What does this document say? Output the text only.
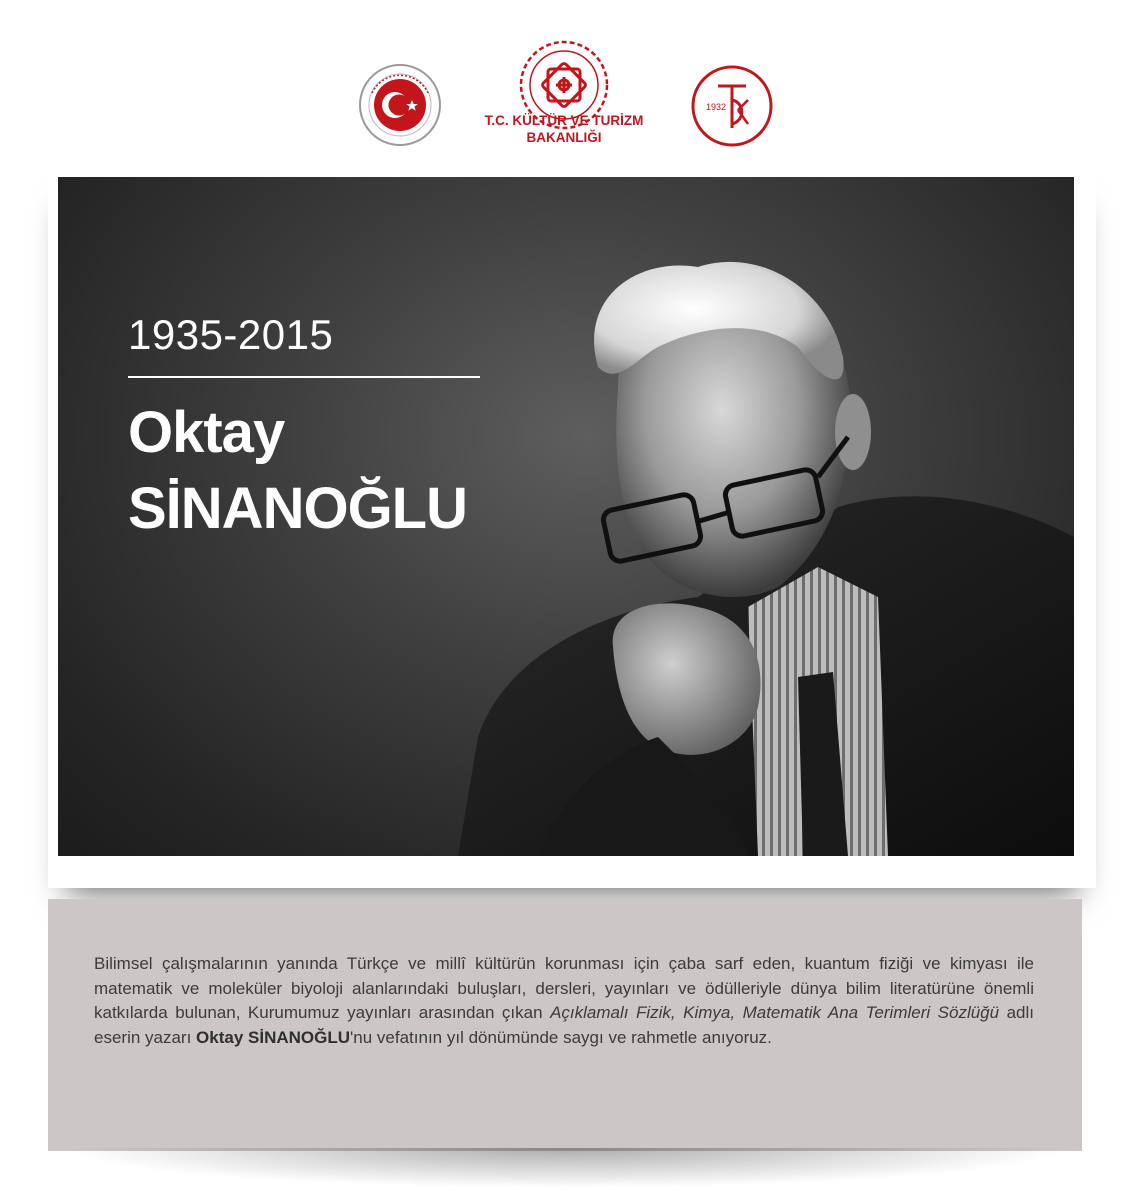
T.C. KÜLTÜR VE TURİZM
BAKANLIĞI
1932
1935-2015
Oktay
SİNANOĞLU

Bilimsel çalışmalarının yanında Türkçe ve millî kültürün korunması için çaba sarf eden, kuantum fiziği ve kimyası ile matematik ve moleküler biyoloji alanlarındaki buluşları, dersleri, yayınları ve ödülleriyle dünya bilim literatürüne önemli katkılarda bulunan, Kurumumuz yayınları arasından çıkan Açıklamalı Fizik, Kimya, Matematik Ana Terimleri Sözlüğü adlı eserin yazarı Oktay SİNANOĞLU'nu vefatının yıl dönümünde saygı ve rahmetle anıyoruz.
